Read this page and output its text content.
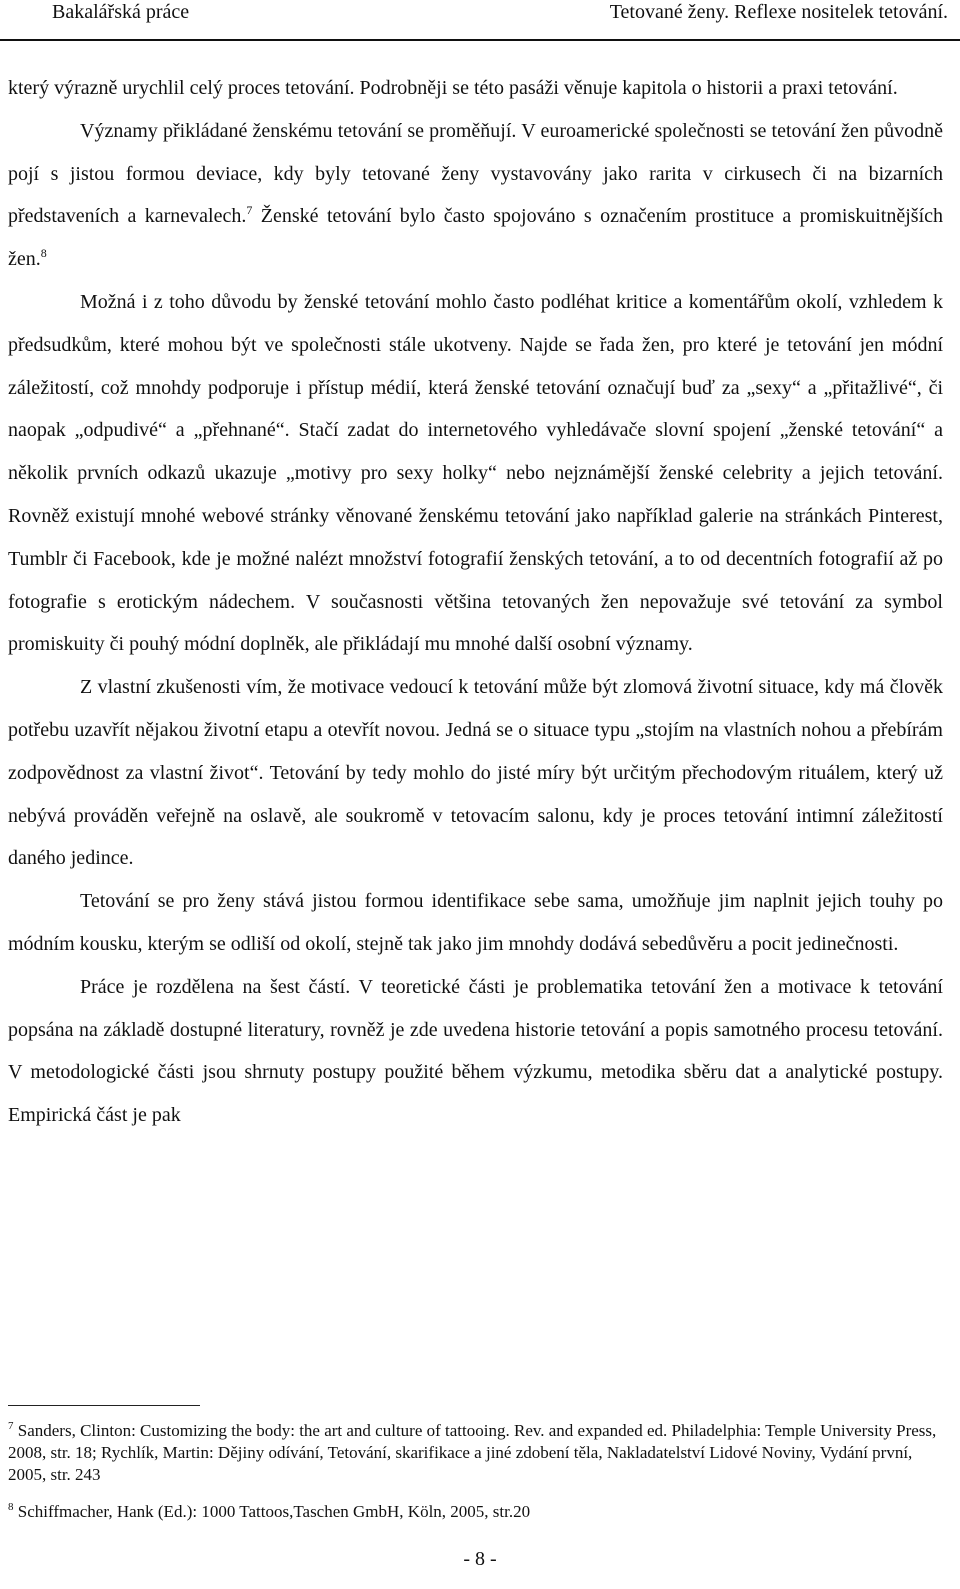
Bakalářská práce	Tetované ženy. Reflexe nositelek tetování.

který výrazně urychlil celý proces tetování. Podrobněji se této pasáži věnuje kapitola o historii a praxi tetování.

Významy přikládané ženskému tetování se proměňují. V euroamerické společnosti se tetování žen původně pojí s jistou formou deviace, kdy byly tetované ženy vystavovány jako rarita v cirkusech či na bizarních představeních a karnevalech.$^7$ Ženské tetování bylo často spojováno s označením prostituce a promiskuitnějších žen.$^8$

Možná i z toho důvodu by ženské tetování mohlo často podléhat kritice a komentářům okolí, vzhledem k předsudkům, které mohou být ve společnosti stále ukotveny. Najde se řada žen, pro které je tetování jen módní záležitostí, což mnohdy podporuje i přístup médií, která ženské tetování označují buď za „sexy“ a „přitažlivé“, či naopak „odpudivé“ a „přehnané“. Stačí zadat do internetového vyhledávače slovní spojení „ženské tetování“ a několik prvních odkazů ukazuje „motivy pro sexy holky“ nebo nejznámější ženské celebrity a jejich tetování. Rovněž existují mnohé webové stránky věnované ženskému tetování jako například galerie na stránkách Pinterest, Tumblr či Facebook, kde je možné nalézt množství fotografií ženských tetování, a to od decentních fotografií až po fotografie s erotickým nádechem. V současnosti většina tetovaných žen nepovažuje své tetování za symbol promiskuity či pouhý módní doplněk, ale přikládají mu mnohé další osobní významy.

Z vlastní zkušenosti vím, že motivace vedoucí k tetování může být zlomová životní situace, kdy má člověk potřebu uzavřít nějakou životní etapu a otevřít novou. Jedná se o situace typu „stojím na vlastních nohou a přebírám zodpovědnost za vlastní život“. Tetování by tedy mohlo do jisté míry být určitým přechodovým rituálem, který už nebývá prováděn veřejně na oslavě, ale soukromě v tetovacím salonu, kdy je proces tetování intimní záležitostí daného jedince.

Tetování se pro ženy stává jistou formou identifikace sebe sama, umožňuje jim naplnit jejich touhy po módním kousku, kterým se odliší od okolí, stejně tak jako jim mnohdy dodává sebedůvěru a pocit jedinečnosti.

Práce je rozdělena na šest částí. V teoretické části je problematika tetování žen a motivace k tetování popsána na základě dostupné literatury, rovněž je zde uvedena historie tetování a popis samotného procesu tetování. V metodologické části jsou shrnuty postupy použité během výzkumu, metodika sběru dat a analytické postupy. Empirická část je pak

$^7$ Sanders, Clinton: Customizing the body: the art and culture of tattooing. Rev. and expanded ed. Philadelphia: Temple University Press, 2008, str. 18; Rychlík, Martin: Dějiny odívání, Tetování, skarifikace a jiné zdobení těla, Nakladatelství Lidové Noviny, Vydání první, 2005, str. 243

$^8$ Schiffmacher, Hank (Ed.): 1000 Tattoos,Taschen GmbH, Köln, 2005, str.20

- 8 -
